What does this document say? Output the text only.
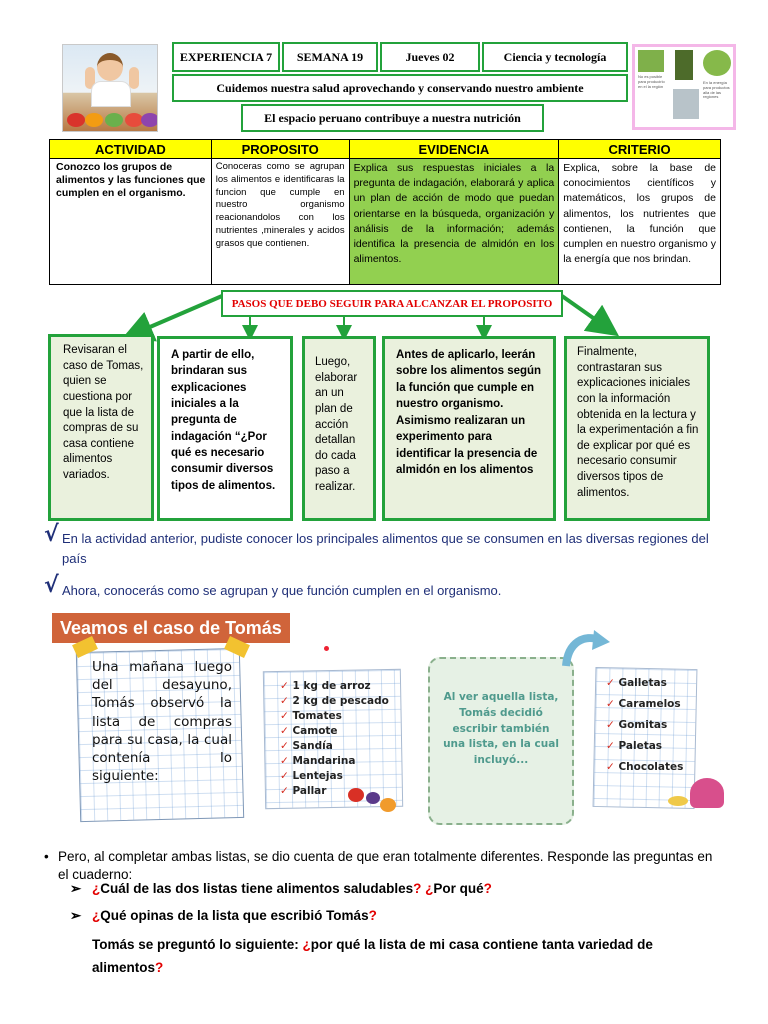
EXPERIENCIA 7	SEMANA 19	Jueves 02	Ciencia y tecnología
Cuidemos nuestra salud aprovechando y conservando nuestro ambiente
El espacio peruano contribuye a nuestra nutrición
No es posible para producirlo en el la región
En la energía para productos alla de las regiones
ACTIVIDAD	PROPOSITO	EVIDENCIA	CRITERIO
Conozco los grupos de alimentos y las funciones que cumplen en el organismo.	Conoceras como se agrupan los alimentos e identificaras la funcion que cumple en nuestro organismo reacionandolos con los nutrientes ,minerales y acidos grasos que contienen.	Explica sus respuestas iniciales a la pregunta de indagación, elaborará y aplica un plan de acción de modo que puedan orientarse en la búsqueda, organización y análisis de la información; además identifica la presencia de almidón en los alimentos.	Explica, sobre la base de conocimientos científicos y matemáticos, los grupos de alimentos, los nutrientes que contienen, la función que cumplen en nuestro organismo y la energía que nos brindan.
PASOS QUE DEBO SEGUIR PARA ALCANZAR EL PROPOSITO
Revisaran el caso de Tomas, quien se cuestiona por que la lista de compras de su casa contiene alimentos variados.
A partir de ello, brindaran sus explicaciones iniciales a la pregunta de indagación “¿Por qué es necesario consumir diversos tipos de alimentos.
Luego, elaborar an un plan de acción detallan do cada paso a realizar.
Antes de aplicarlo, leerán sobre los alimentos según la función que cumple en nuestro organismo. Asimismo realizaran un experimento para identificar la presencia de almidón en los alimentos
Finalmente, contrastaran sus explicaciones iniciales con la información obtenida en la lectura y la experimentación a fin de explicar por qué es necesario consumir diversos tipos de alimentos.
√ En la actividad anterior, pudiste conocer los principales alimentos que se consumen en las diversas regiones del país
√ Ahora, conocerás como se agrupan y que función cumplen en el organismo.
Veamos el caso de Tomás
Una mañana luego del desayuno, Tomás observó la lista de compras para su casa, la cual contenía lo siguiente:
✓ 1 kg de arroz
✓ 2 kg de pescado
✓ Tomates
✓ Camote
✓ Sandía
✓ Mandarina
✓ Lentejas
✓ Pallar
Al ver aquella lista, Tomás decidió escribir también una lista, en la cual incluyó...
✓ Galletas
✓ Caramelos
✓ Gomitas
✓ Paletas
✓ Chocolates
• Pero, al completar ambas listas, se dio cuenta de que eran totalmente diferentes. Responde las preguntas en el cuaderno:
➢ ¿Cuál de las dos listas tiene alimentos saludables? ¿Por qué?
➢ ¿Qué opinas de la lista que escribió Tomás?
Tomás se preguntó lo siguiente: ¿por qué la lista de mi casa contiene tanta variedad de alimentos?
